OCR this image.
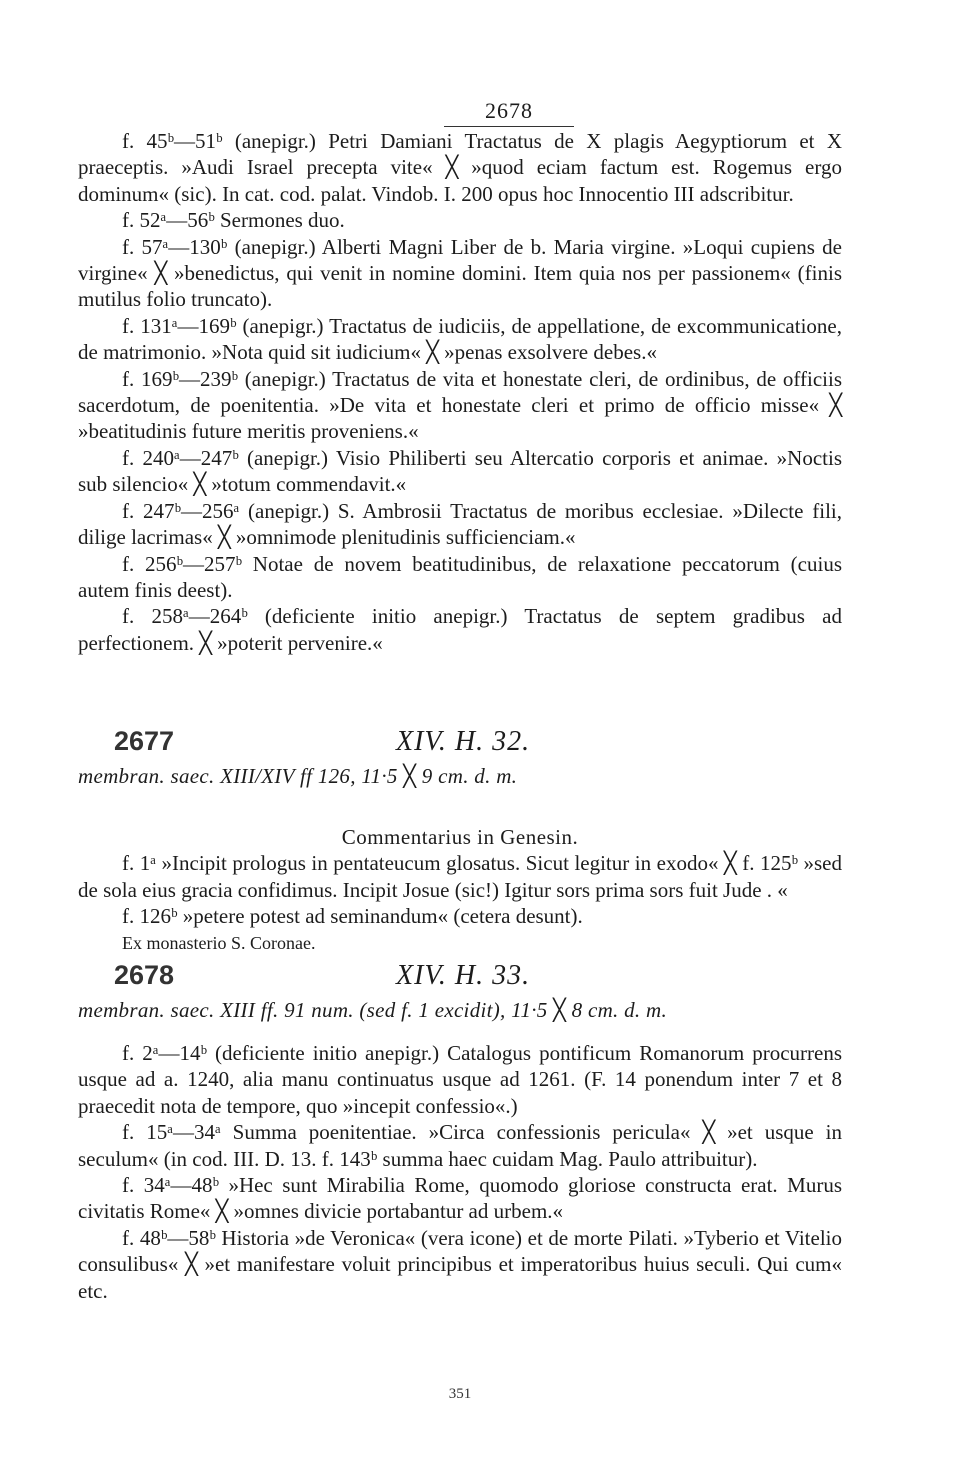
2678

f. 45ᵇ—51ᵇ (anepigr.) Petri Damiani Tractatus de X plagis Aegyptiorum et X praeceptis. »Audi Israel precepta vite« ╳ »quod eciam factum est. Rogemus ergo dominum« (sic). In cat. cod. palat. Vindob. I. 200 opus hoc Innocentio III adscribitur.

f. 52ᵃ—56ᵇ Sermones duo.

f. 57ᵃ—130ᵇ (anepigr.) Alberti Magni Liber de b. Maria virgine. »Loqui cupiens de virgine« ╳ »benedictus, qui venit in nomine domini. Item quia nos per passionem« (finis mutilus folio truncato).

f. 131ᵃ—169ᵇ (anepigr.) Tractatus de iudiciis, de appellatione, de excommunicatione, de matrimonio. »Nota quid sit iudicium« ╳ »penas exsolvere debes.«

f. 169ᵇ—239ᵇ (anepigr.) Tractatus de vita et honestate cleri, de ordinibus, de officiis sacerdotum, de poenitentia. »De vita et honestate cleri et primo de officio misse« ╳ »beatitudinis future meritis proveniens.«

f. 240ᵃ—247ᵇ (anepigr.) Visio Philiberti seu Altercatio corporis et animae. »Noctis sub silencio« ╳ »totum commendavit.«

f. 247ᵇ—256ᵃ (anepigr.) S. Ambrosii Tractatus de moribus ecclesiae. »Dilecte fili, dilige lacrimas« ╳ »omnimode plenitudinis sufficienciam.«

f. 256ᵇ—257ᵇ Notae de novem beatitudinibus, de relaxatione peccatorum (cuius autem finis deest).

f. 258ᵃ—264ᵇ (deficiente initio anepigr.) Tractatus de septem gradibus ad perfectionem. ╳ »poterit pervenire.«

2677	XIV. H. 32.
membran. saec. XIII/XIV ff 126, 11·5 ╳ 9 cm. d. m.

Commentarius in Genesin.

f. 1ᵃ »Incipit prologus in pentateucum glosatus. Sicut legitur in exodo« ╳ f. 125ᵇ »sed de sola eius gracia confidimus. Incipit Josue (sic!) Igitur sors prima sors fuit Jude . «

f. 126ᵇ »petere potest ad seminandum« (cetera desunt).

Ex monasterio S. Coronae.

2678	XIV. H. 33.
membran. saec. XIII ff. 91 num. (sed f. 1 excidit), 11·5 ╳ 8 cm. d. m.

f. 2ᵃ—14ᵇ (deficiente initio anepigr.) Catalogus pontificum Romanorum procurrens usque ad a. 1240, alia manu continuatus usque ad 1261. (F. 14 ponendum inter 7 et 8 praecedit nota de tempore, quo »incepit confessio«.)

f. 15ᵃ—34ᵃ Summa poenitentiae. »Circa confessionis pericula« ╳ »et usque in seculum« (in cod. III. D. 13. f. 143ᵇ summa haec cuidam Mag. Paulo attribuitur).

f. 34ᵃ—48ᵇ »Hec sunt Mirabilia Rome, quomodo gloriose constructa erat. Murus civitatis Rome« ╳ »omnes divicie portabantur ad urbem.«

f. 48ᵇ—58ᵇ Historia »de Veronica« (vera icone) et de morte Pilati. »Tyberio et Vitelio consulibus« ╳ »et manifestare voluit principibus et imperatoribus huius seculi. Qui cum« etc.

351
